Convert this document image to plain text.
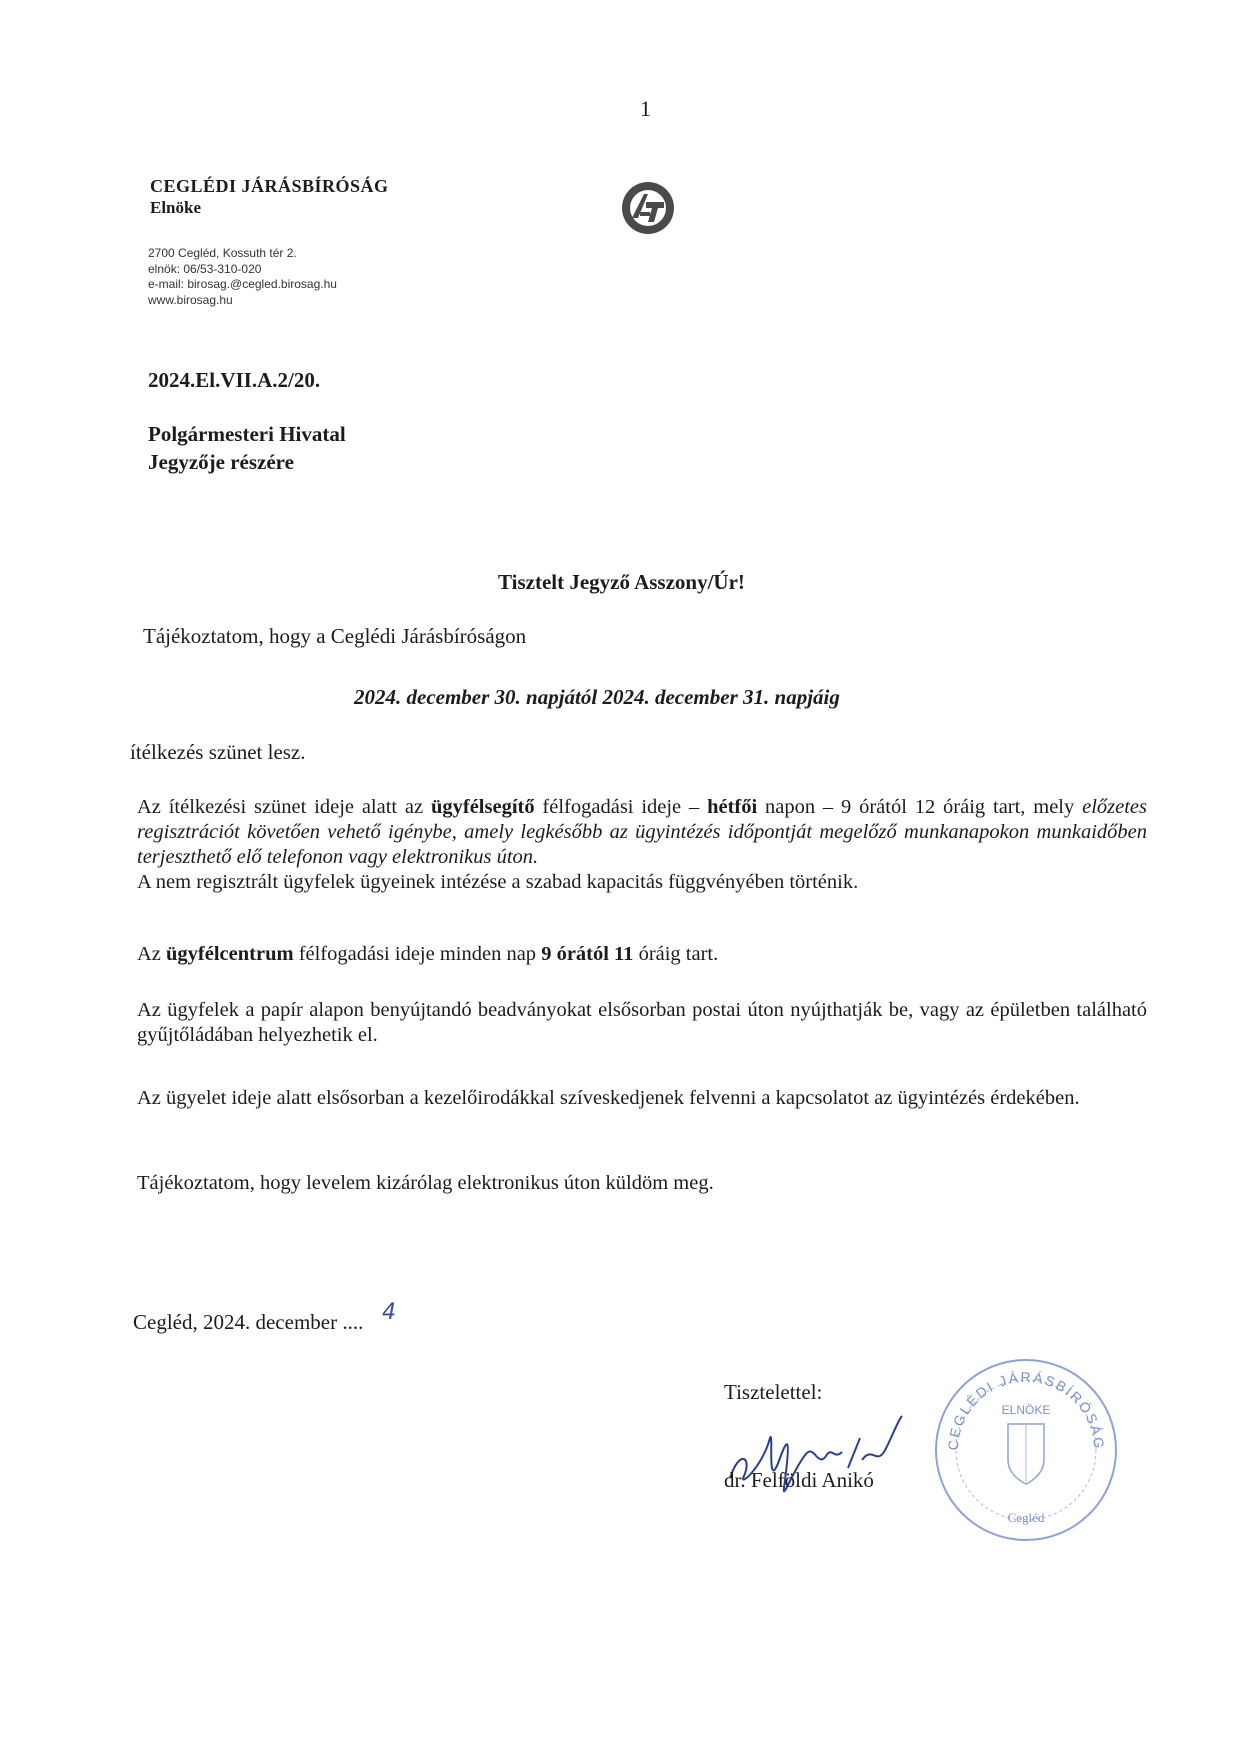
1
CEGLÉDI JÁRÁSBÍRÓSÁG
Elnöke
2700 Cegléd, Kossuth tér 2.
elnök: 06/53-310-020
e-mail: birosag.@cegled.birosag.hu
www.birosag.hu
2024.El.VII.A.2/20.
Polgármesteri Hivatal
Jegyzője részére
Tisztelt Jegyző Asszony/Úr!
Tájékoztatom, hogy a Ceglédi Járásbíróságon
2024. december 30. napjától 2024. december 31. napjáig
ítélkezés szünet lesz.
Az ítélkezési szünet ideje alatt az ügyfélsegítő félfogadási ideje – hétfői napon – 9 órától 12 óráig tart, mely előzetes regisztrációt követően vehető igénybe, amely legkésőbb az ügyintézés időpontját megelőző munkanapokon munkaidőben terjeszthető elő telefonon vagy elektronikus úton.
A nem regisztrált ügyfelek ügyeinek intézése a szabad kapacitás függvényében történik.
Az ügyfélcentrum félfogadási ideje minden nap 9 órától 11 óráig tart.
Az ügyfelek a papír alapon benyújtandó beadványokat elsősorban postai úton nyújthatják be, vagy az épületben található gyűjtőládában helyezhetik el.
Az ügyelet ideje alatt elsősorban a kezelőirodákkal szíveskedjenek felvenni a kapcsolatot az ügyintézés érdekében.
Tájékoztatom, hogy levelem kizárólag elektronikus úton küldöm meg.
Cegléd, 2024. december .... 4
Tisztelettel:
dr. Felföldi Anikó
CEGLÉDI JÁRÁSBÍRÓSÁG
ELNÖKE
Cegléd
